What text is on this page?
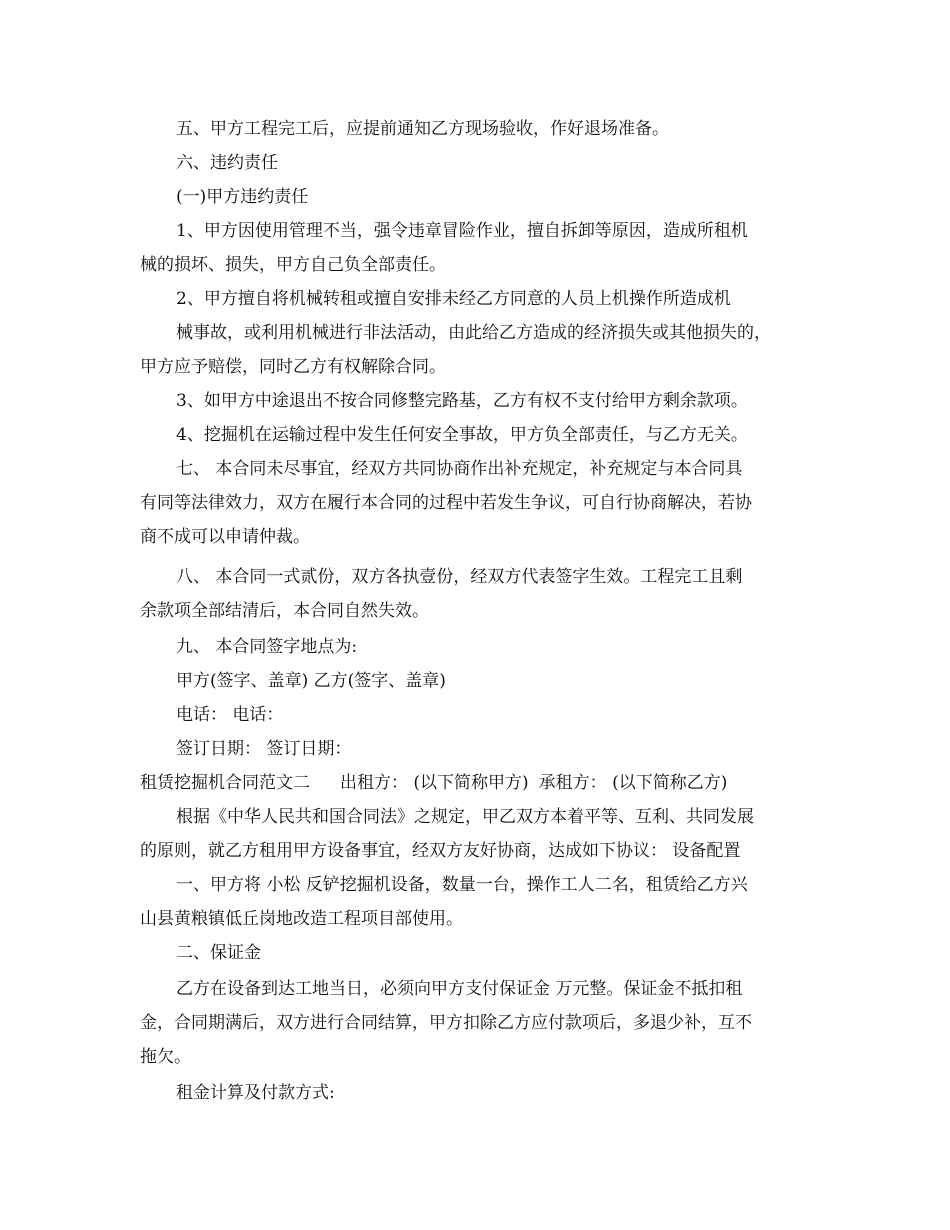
五、甲方工程完工后，应提前通知乙方现场验收，作好退场准备。
六、违约责任
(一)甲方违约责任
1、甲方因使用管理不当，强令违章冒险作业，擅自拆卸等原因，造成所租机
械的损坏、损失，甲方自己负全部责任。
2、甲方擅自将机械转租或擅自安排未经乙方同意的人员上机操作所造成机
械事故，或利用机械进行非法活动，由此给乙方造成的经济损失或其他损失的，
甲方应予赔偿，同时乙方有权解除合同。
3、如甲方中途退出不按合同修整完路基，乙方有权不支付给甲方剩余款项。
4、挖掘机在运输过程中发生任何安全事故，甲方负全部责任，与乙方无关。
七、 本合同未尽事宜，经双方共同协商作出补充规定，补充规定与本合同具
有同等法律效力，双方在履行本合同的过程中若发生争议，可自行协商解决，若协
商不成可以申请仲裁。
八、 本合同一式贰份，双方各执壹份，经双方代表签字生效。工程完工且剩
余款项全部结清后，本合同自然失效。
九、 本合同签字地点为:
甲方(签字、盖章) 乙方(签字、盖章)
电话： 电话：
签订日期： 签订日期：
租赁挖掘机合同范文二 出租方： (以下简称甲方) 承租方： (以下简称乙方)
根据《中华人民共和国合同法》之规定，甲乙双方本着平等、互利、共同发展
的原则，就乙方租用甲方设备事宜，经双方友好协商，达成如下协议： 设备配置
一、甲方将 小松 反铲挖掘机设备，数量一台，操作工人二名，租赁给乙方兴
山县黄粮镇低丘岗地改造工程项目部使用。
二、保证金
乙方在设备到达工地当日，必须向甲方支付保证金 万元整。保证金不抵扣租
金，合同期满后，双方进行合同结算，甲方扣除乙方应付款项后，多退少补，互不
拖欠。
租金计算及付款方式:
